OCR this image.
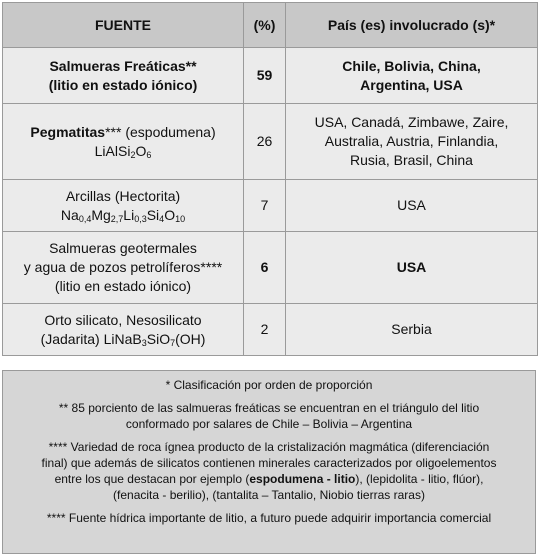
FUENTE	(%)	País (es) involucrado (s)*

Salmueras Freáticas**
(litio en estado iónico)	59	Chile, Bolivia, China,
Argentina, USA

Pegmatitas*** (espodumena)
$LiAlSi_2O_6$	26	USA, Canadá, Zimbawe, Zaire,
Australia, Austria, Finlandia,
Rusia, Brasil, China

Arcillas (Hectorita)
$Na_{0,4}Mg_{2,7}Li_{0,3}Si_4O_{10}$	7	USA

Salmueras geotermales
y agua de pozos petrolíferos****
(litio en estado iónico)	6	USA

Orto silicato, Nesosilicato
(Jadarita) LiNaB$_3$SiO$_7$(OH)	2	Serbia

* Clasificación por orden de proporción

** 85 porciento de las salmueras freáticas se encuentran en el triángulo del litio
conformado por salares de Chile – Bolivia – Argentina

**** Variedad de roca ígnea producto de la cristalización magmática (diferenciación
final) que además de silicatos contienen minerales caracterizados por oligoelementos
entre los que destacan por ejemplo (espodumena - litio), (lepidolita - litio, flúor),
(fenacita - berilio), (tantalita – Tantalio, Niobio tierras raras)

**** Fuente hídrica importante de litio, a futuro puede adquirir importancia comercial
